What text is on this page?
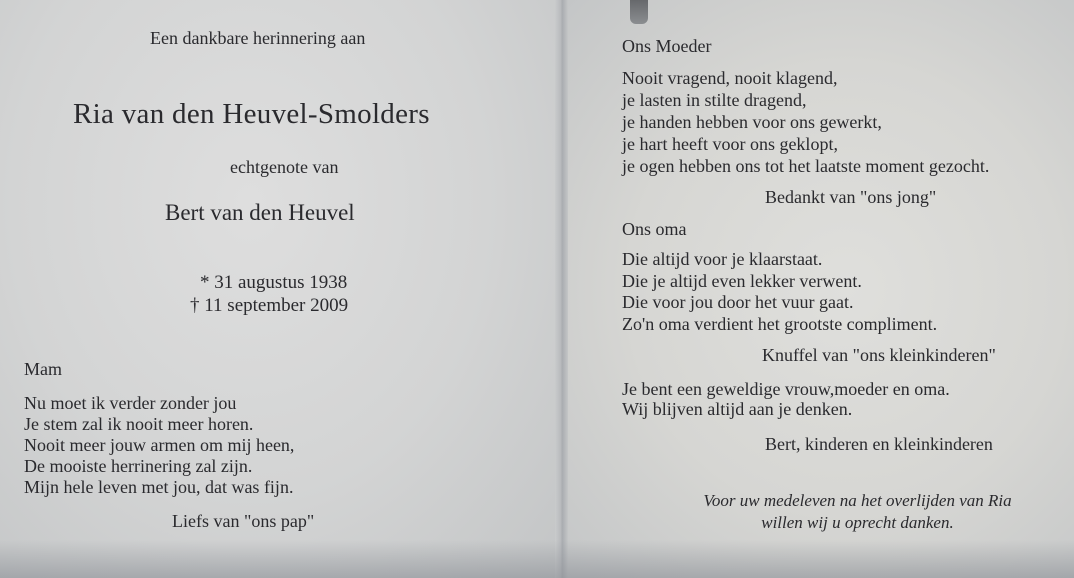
Een dankbare herinnering aan
Ria van den Heuvel-Smolders
echtgenote van
Bert van den Heuvel
* 31 augustus 1938
† 11 september 2009
Mam
Nu moet ik verder zonder jou
Je stem zal ik nooit meer horen.
Nooit meer jouw armen om mij heen,
De mooiste herrinering zal zijn.
Mijn hele leven met jou, dat was fijn.
Liefs van "ons pap"
Ons Moeder
Nooit vragend, nooit klagend,
je lasten in stilte dragend,
je handen hebben voor ons gewerkt,
je hart heeft voor ons geklopt,
je ogen hebben ons tot het laatste moment gezocht.
Bedankt van "ons jong"
Ons oma
Die altijd voor je klaarstaat.
Die je altijd even lekker verwent.
Die voor jou door het vuur gaat.
Zo'n oma verdient het grootste compliment.
Knuffel van "ons kleinkinderen"
Je bent een geweldige vrouw,moeder en oma.
Wij blijven altijd aan je denken.
Bert, kinderen en kleinkinderen
Voor uw medeleven na het overlijden van Ria
willen wij u oprecht danken.
